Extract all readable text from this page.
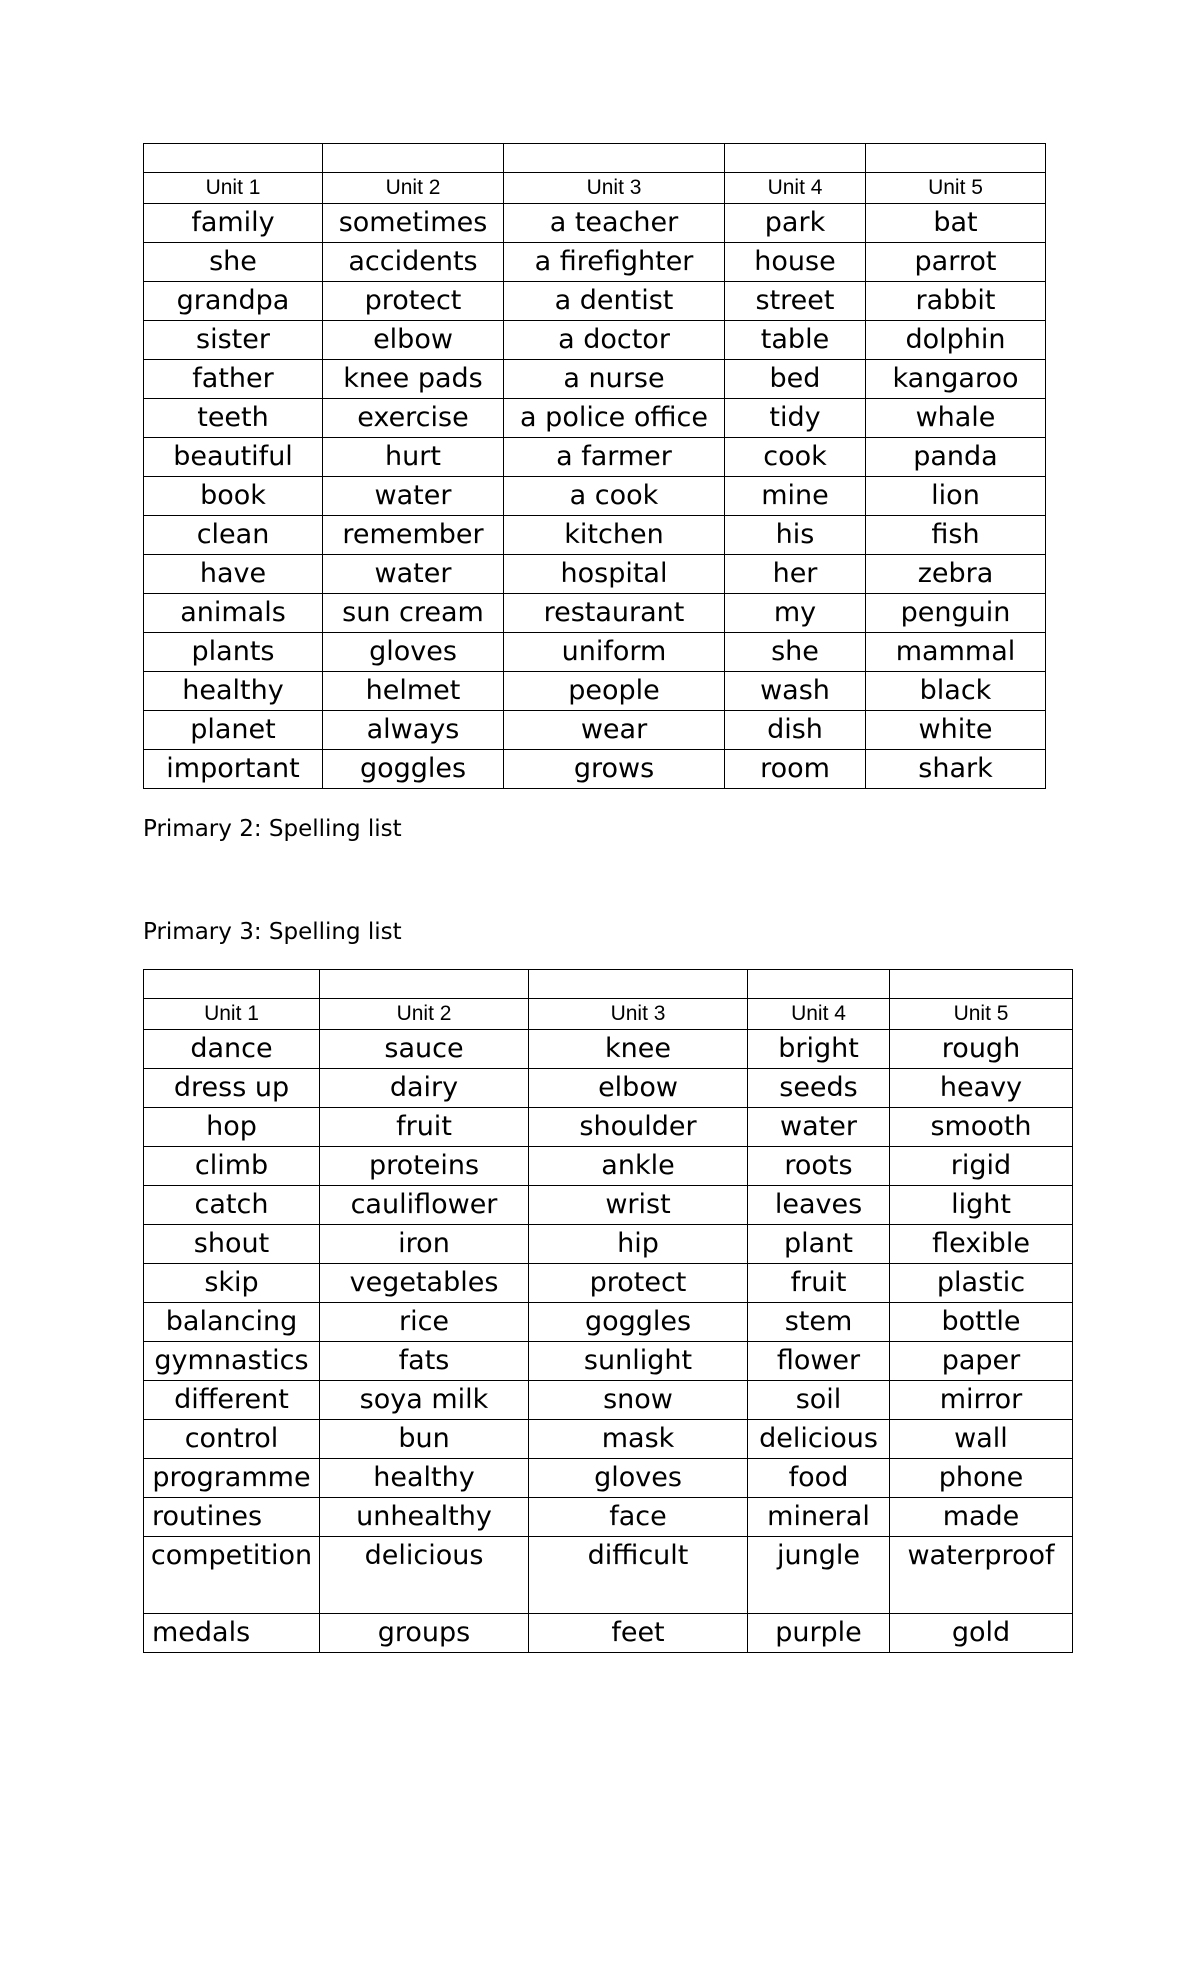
Unit 1	Unit 2	Unit 3	Unit 4	Unit 5
family	sometimes	a teacher	park	bat
she	accidents	a firefighter	house	parrot
grandpa	protect	a dentist	street	rabbit
sister	elbow	a doctor	table	dolphin
father	knee pads	a nurse	bed	kangaroo
teeth	exercise	a police office	tidy	whale
beautiful	hurt	a farmer	cook	panda
book	water	a cook	mine	lion
clean	remember	kitchen	his	fish
have	water	hospital	her	zebra
animals	sun cream	restaurant	my	penguin
plants	gloves	uniform	she	mammal
healthy	helmet	people	wash	black
planet	always	wear	dish	white
important	goggles	grows	room	shark
Primary 2: Spelling list
Primary 3: Spelling list

Unit 1	Unit 2	Unit 3	Unit 4	Unit 5
dance	sauce	knee	bright	rough
dress up	dairy	elbow	seeds	heavy
hop	fruit	shoulder	water	smooth
climb	proteins	ankle	roots	rigid
catch	cauliflower	wrist	leaves	light
shout	iron	hip	plant	flexible
skip	vegetables	protect	fruit	plastic
balancing	rice	goggles	stem	bottle
gymnastics	fats	sunlight	flower	paper
different	soya milk	snow	soil	mirror
control	bun	mask	delicious	wall
programme	healthy	gloves	food	phone
routines	unhealthy	face	mineral	made
competition	delicious	difficult	jungle	waterproof
medals	groups	feet	purple	gold
